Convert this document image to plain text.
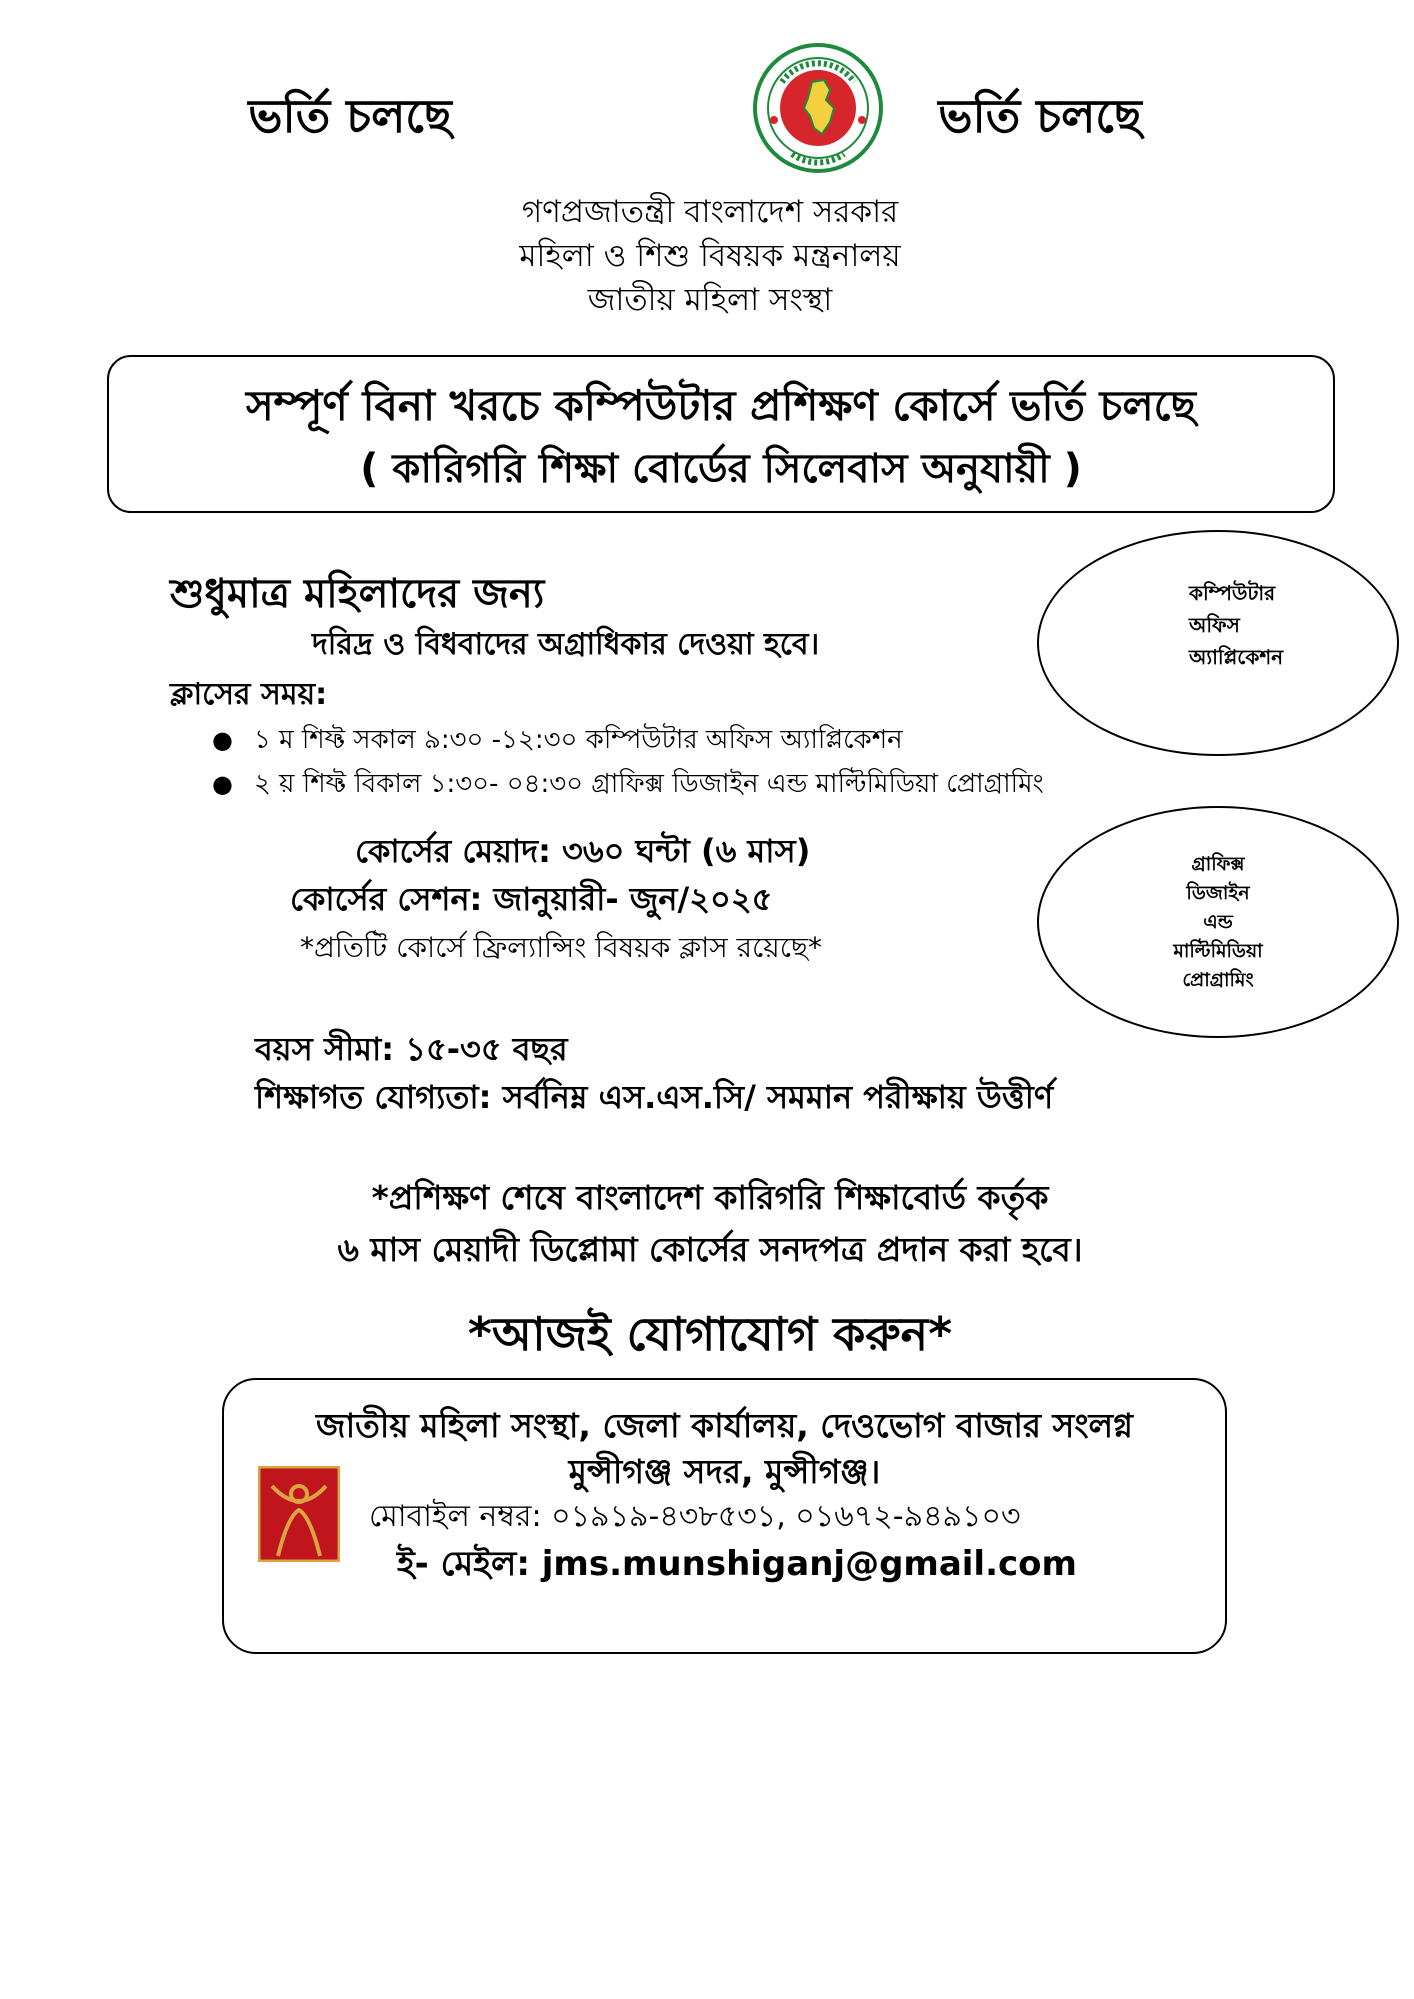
ভর্তি চলছে	ভর্তি চলছে
গণপ্রজাতন্ত্রী বাংলাদেশ সরকার
মহিলা ও শিশু বিষয়ক মন্ত্রনালয়
জাতীয় মহিলা সংস্থা
সম্পূর্ণ বিনা খরচে কম্পিউটার প্রশিক্ষণ কোর্সে ভর্তি চলছে
( কারিগরি শিক্ষা বোর্ডের সিলেবাস অনুযায়ী )
শুধুমাত্র মহিলাদের জন্য
দরিদ্র ও বিধবাদের অগ্রাধিকার দেওয়া হবে।
ক্লাসের সময়:
● ১ ম শিফ্ট সকাল ৯:৩০ -১২:৩০ কম্পিউটার অফিস অ্যাপ্লিকেশন
● ২ য় শিফ্ট বিকাল ১:৩০- ০৪:৩০ গ্রাফিক্স ডিজাইন এন্ড মাল্টিমিডিয়া প্রোগ্রামিং
কম্পিউটার
অফিস
অ্যাপ্লিকেশন
গ্রাফিক্স
ডিজাইন
এন্ড
মাল্টিমিডিয়া
প্রোগ্রামিং
কোর্সের মেয়াদ: ৩৬০ ঘন্টা (৬ মাস)
কোর্সের সেশন: জানুয়ারী- জুন/২০২৫
*প্রতিটি কোর্সে ফ্রিল্যান্সিং বিষয়ক ক্লাস রয়েছে*
বয়স সীমা: ১৫-৩৫ বছর
শিক্ষাগত যোগ্যতা: সর্বনিম্ন এস.এস.সি/ সমমান পরীক্ষায় উত্তীর্ণ
*প্রশিক্ষণ শেষে বাংলাদেশ কারিগরি শিক্ষাবোর্ড কর্তৃক
৬ মাস মেয়াদী ডিপ্লোমা কোর্সের সনদপত্র প্রদান করা হবে।
*আজই যোগাযোগ করুন*
জাতীয় মহিলা সংস্থা, জেলা কার্যালয়, দেওভোগ বাজার সংলগ্ন
মুন্সীগঞ্জ সদর, মুন্সীগঞ্জ।
মোবাইল নম্বর: ০১৯১৯-৪৩৮৫৩১, ০১৬৭২-৯৪৯১০৩
ই- মেইল: jms.munshiganj@gmail.com
